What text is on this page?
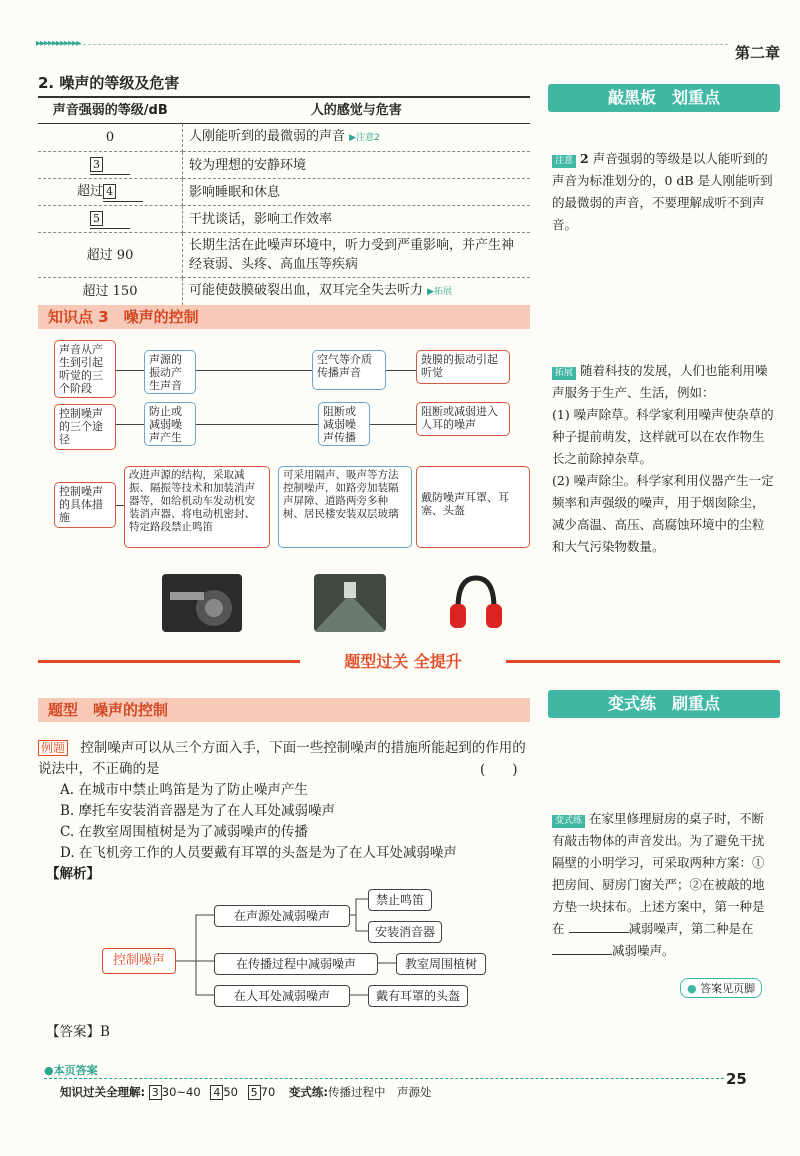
▸▸▸▸▸▸▸▸▸▸▸
第二章
2. 噪声的等级及危害
声音强弱的等级/dB	人的感觉与危害
0	人刚能听到的最微弱的声音 ▶注意2
3	较为理想的安静环境
超过 4	影响睡眠和休息
5	干扰谈话，影响工作效率
超过 90	长期生活在此噪声环境中，听力受到严重影响，并产生神经衰弱、头疼、高血压等疾病
超过 150	可能使鼓膜破裂出血，双耳完全失去听力 ▶拓展
知识点 3　噪声的控制
声音从产生到引起听觉的三个阶段
控制噪声的三个途径
控制噪声的具体措施
声源的振动产生声音
空气等介质传播声音
鼓膜的振动引起听觉
防止或减弱噪声产生
阻断或减弱噪声传播
阻断或减弱进入人耳的噪声
改进声源的结构，采取减振、隔振等技术和加装消声器等，如给机动车发动机安装消声器、将电动机密封、特定路段禁止鸣笛
可采用隔声、吸声等方法控制噪声，如路旁加装隔声屏障、道路两旁多种树、居民楼安装双层玻璃
戴防噪声耳罩、耳塞、头盔
题型过关 全提升
题型　噪声的控制
例题 控制噪声可以从三个方面入手，下面一些控制噪声的措施所能起到的作用的说法中，不正确的是	(　　)
A. 在城市中禁止鸣笛是为了防止噪声产生
B. 摩托车安装消音器是为了在人耳处减弱噪声
C. 在教室周围植树是为了减弱噪声的传播
D. 在飞机旁工作的人员要戴有耳罩的头盔是为了在人耳处减弱噪声
【解析】
控制噪声
在声源处减弱噪声
在传播过程中减弱噪声
在人耳处减弱噪声
禁止鸣笛
安装消音器
教室周围植树
戴有耳罩的头盔
【答案】B
敲黑板　划重点
注意 2 声音强弱的等级是以人能听到的声音为标准划分的，0 dB 是人刚能听到的最微弱的声音，不要理解成听不到声音。
拓展 随着科技的发展，人们也能利用噪声服务于生产、生活，例如：
(1) 噪声除草。科学家利用噪声使杂草的种子提前萌发，这样就可以在农作物生长之前除掉杂草。
(2) 噪声除尘。科学家利用仪器产生一定频率和声强级的噪声，用于烟囱除尘，减少高温、高压、高腐蚀环境中的尘粒和大气污染物数量。
变式练　刷重点
变式练 在家里修理厨房的桌子时，不断有敲击物体的声音发出。为了避免干扰隔壁的小明学习，可采取两种方案：①把房间、厨房门窗关严；②在被敲的地方垫一块抹布。上述方案中，第一种是在	减弱噪声，第二种是在 减弱噪声。
● 答案见页脚
●本页答案
知识过关全理解: 3 30~40 4 50 5 70 变式练:传播过程中　声源处
25
